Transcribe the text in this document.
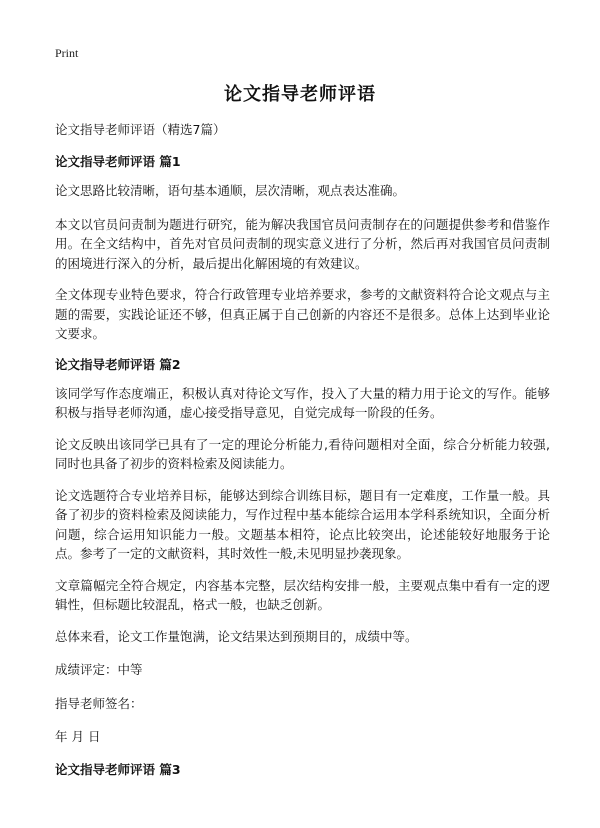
Print
论文指导老师评语

论文指导老师评语（精选7篇）

论文指导老师评语 篇1

论文思路比较清晰，语句基本通顺，层次清晰，观点表达准确。

本文以官员问责制为题进行研究，能为解决我国官员问责制存在的问题提供参考和借鉴作用。在全文结构中，首先对官员问责制的现实意义进行了分析，然后再对我国官员问责制的困境进行深入的分析，最后提出化解困境的有效建议。

全文体现专业特色要求，符合行政管理专业培养要求，参考的文献资料符合论文观点与主题的需要，实践论证还不够，但真正属于自己创新的内容还不是很多。总体上达到毕业论文要求。

论文指导老师评语 篇2

该同学写作态度端正，积极认真对待论文写作，投入了大量的精力用于论文的写作。能够积极与指导老师沟通，虚心接受指导意见，自觉完成每一阶段的任务。

论文反映出该同学已具有了一定的理论分析能力,看待问题相对全面，综合分析能力较强,同时也具备了初步的资料检索及阅读能力。

论文选题符合专业培养目标，能够达到综合训练目标，题目有一定难度，工作量一般。具备了初步的资料检索及阅读能力，写作过程中基本能综合运用本学科系统知识，全面分析问题，综合运用知识能力一般。文题基本相符，论点比较突出，论述能较好地服务于论点。参考了一定的文献资料，其时效性一般,未见明显抄袭现象。

文章篇幅完全符合规定，内容基本完整，层次结构安排一般，主要观点集中看有一定的逻辑性，但标题比较混乱，格式一般，也缺乏创新。

总体来看，论文工作量饱满，论文结果达到预期目的，成绩中等。

成绩评定：中等

指导老师签名：

年 月 日

论文指导老师评语 篇3
